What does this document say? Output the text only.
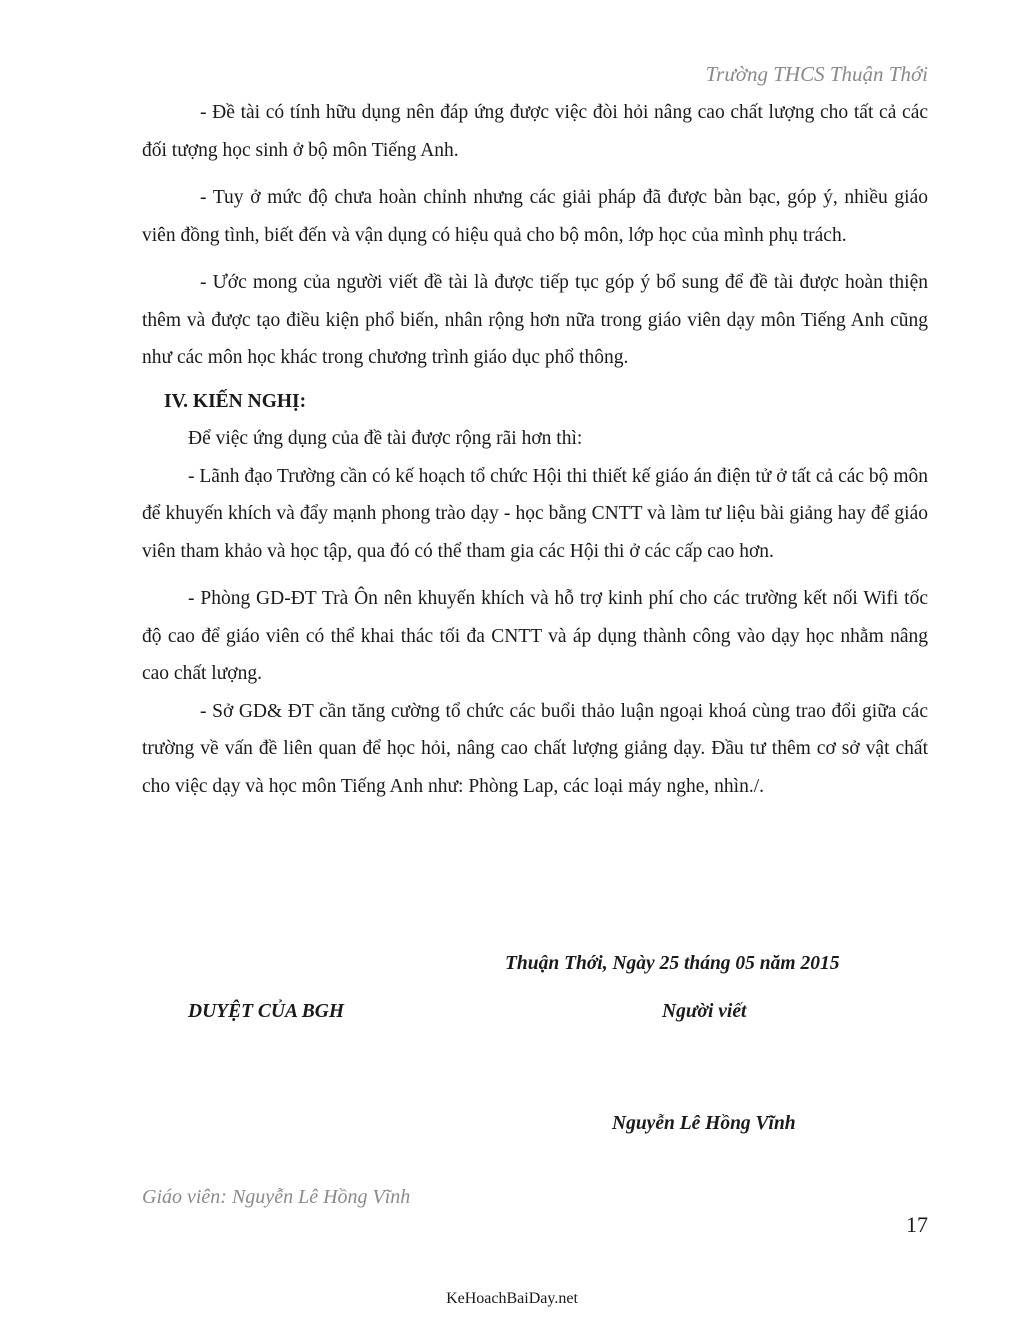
Trường THCS Thuận Thới

- Đề tài có tính hữu dụng nên đáp ứng được việc đòi hỏi nâng cao chất lượng cho tất cả các đối tượng học sinh ở bộ môn Tiếng Anh.

- Tuy ở mức độ chưa hoàn chỉnh nhưng các giải pháp đã được bàn bạc, góp ý, nhiều giáo viên đồng tình, biết đến và vận dụng có hiệu quả cho bộ môn, lớp học của mình phụ trách.

- Ước mong của người viết đề tài là được tiếp tục góp ý bổ sung để đề tài được hoàn thiện thêm và được tạo điều kiện phổ biến, nhân rộng hơn nữa trong giáo viên dạy môn Tiếng Anh cũng như các môn học khác trong chương trình giáo dục phổ thông.

IV. KIẾN NGHỊ:

Để việc ứng dụng của đề tài được rộng rãi hơn thì:

- Lãnh đạo Trường cần có kế hoạch tổ chức Hội thi thiết kế giáo án điện tử ở tất cả các bộ môn để khuyến khích và đẩy mạnh phong trào dạy - học bằng CNTT và làm tư liệu bài giảng hay để giáo viên tham khảo và học tập, qua đó có thể tham gia các Hội thi ở các cấp cao hơn.

- Phòng GD-ĐT Trà Ôn nên khuyến khích và hỗ trợ kinh phí cho các trường kết nối Wifi tốc độ cao để giáo viên có thể khai thác tối đa CNTT và áp dụng thành công vào dạy học nhằm nâng cao chất lượng.

- Sở GD& ĐT cần tăng cường tổ chức các buổi thảo luận ngoại khoá cùng trao đổi giữa các trường về vấn đề liên quan để học hỏi, nâng cao chất lượng giảng dạy. Đầu tư thêm cơ sở vật chất cho việc dạy và học môn Tiếng Anh như: Phòng Lap, các loại máy nghe, nhìn./.

Thuận Thới, Ngày 25 tháng 05 năm 2015
DUYỆT CỦA BGH	Người viết
Nguyễn Lê Hồng Vĩnh
Giáo viên: Nguyễn Lê Hồng Vĩnh
17
KeHoachBaiDay.net
